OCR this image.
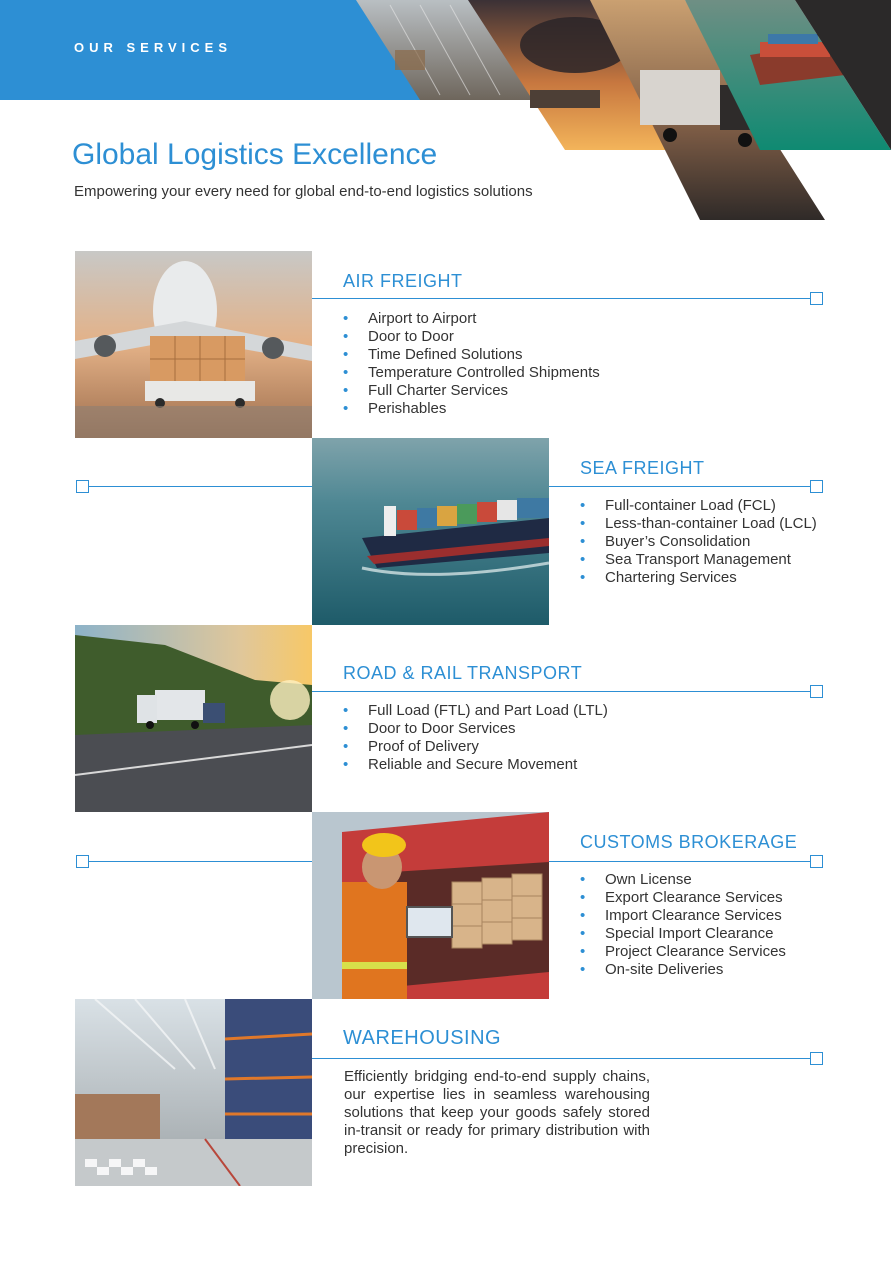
OUR SERVICES
Global Logistics Excellence
Empowering your every need for global end-to-end logistics solutions
AIR FREIGHT
• Airport to Airport
• Door to Door
• Time Defined Solutions
• Temperature Controlled Shipments
• Full Charter Services
• Perishables
SEA FREIGHT
• Full-container Load (FCL)
• Less-than-container Load (LCL)
• Buyer’s Consolidation
• Sea Transport Management
• Chartering Services
ROAD & RAIL TRANSPORT
• Full Load (FTL) and Part Load (LTL)
• Door to Door Services
• Proof of Delivery
• Reliable and Secure Movement
CUSTOMS BROKERAGE
• Own License
• Export Clearance Services
• Import Clearance Services
• Special Import Clearance
• Project Clearance Services
• On-site Deliveries
WAREHOUSING
Efficiently bridging end-to-end supply chains, our expertise lies in seamless warehousing solutions that keep your goods safely stored in-transit or ready for primary distribution with precision.
